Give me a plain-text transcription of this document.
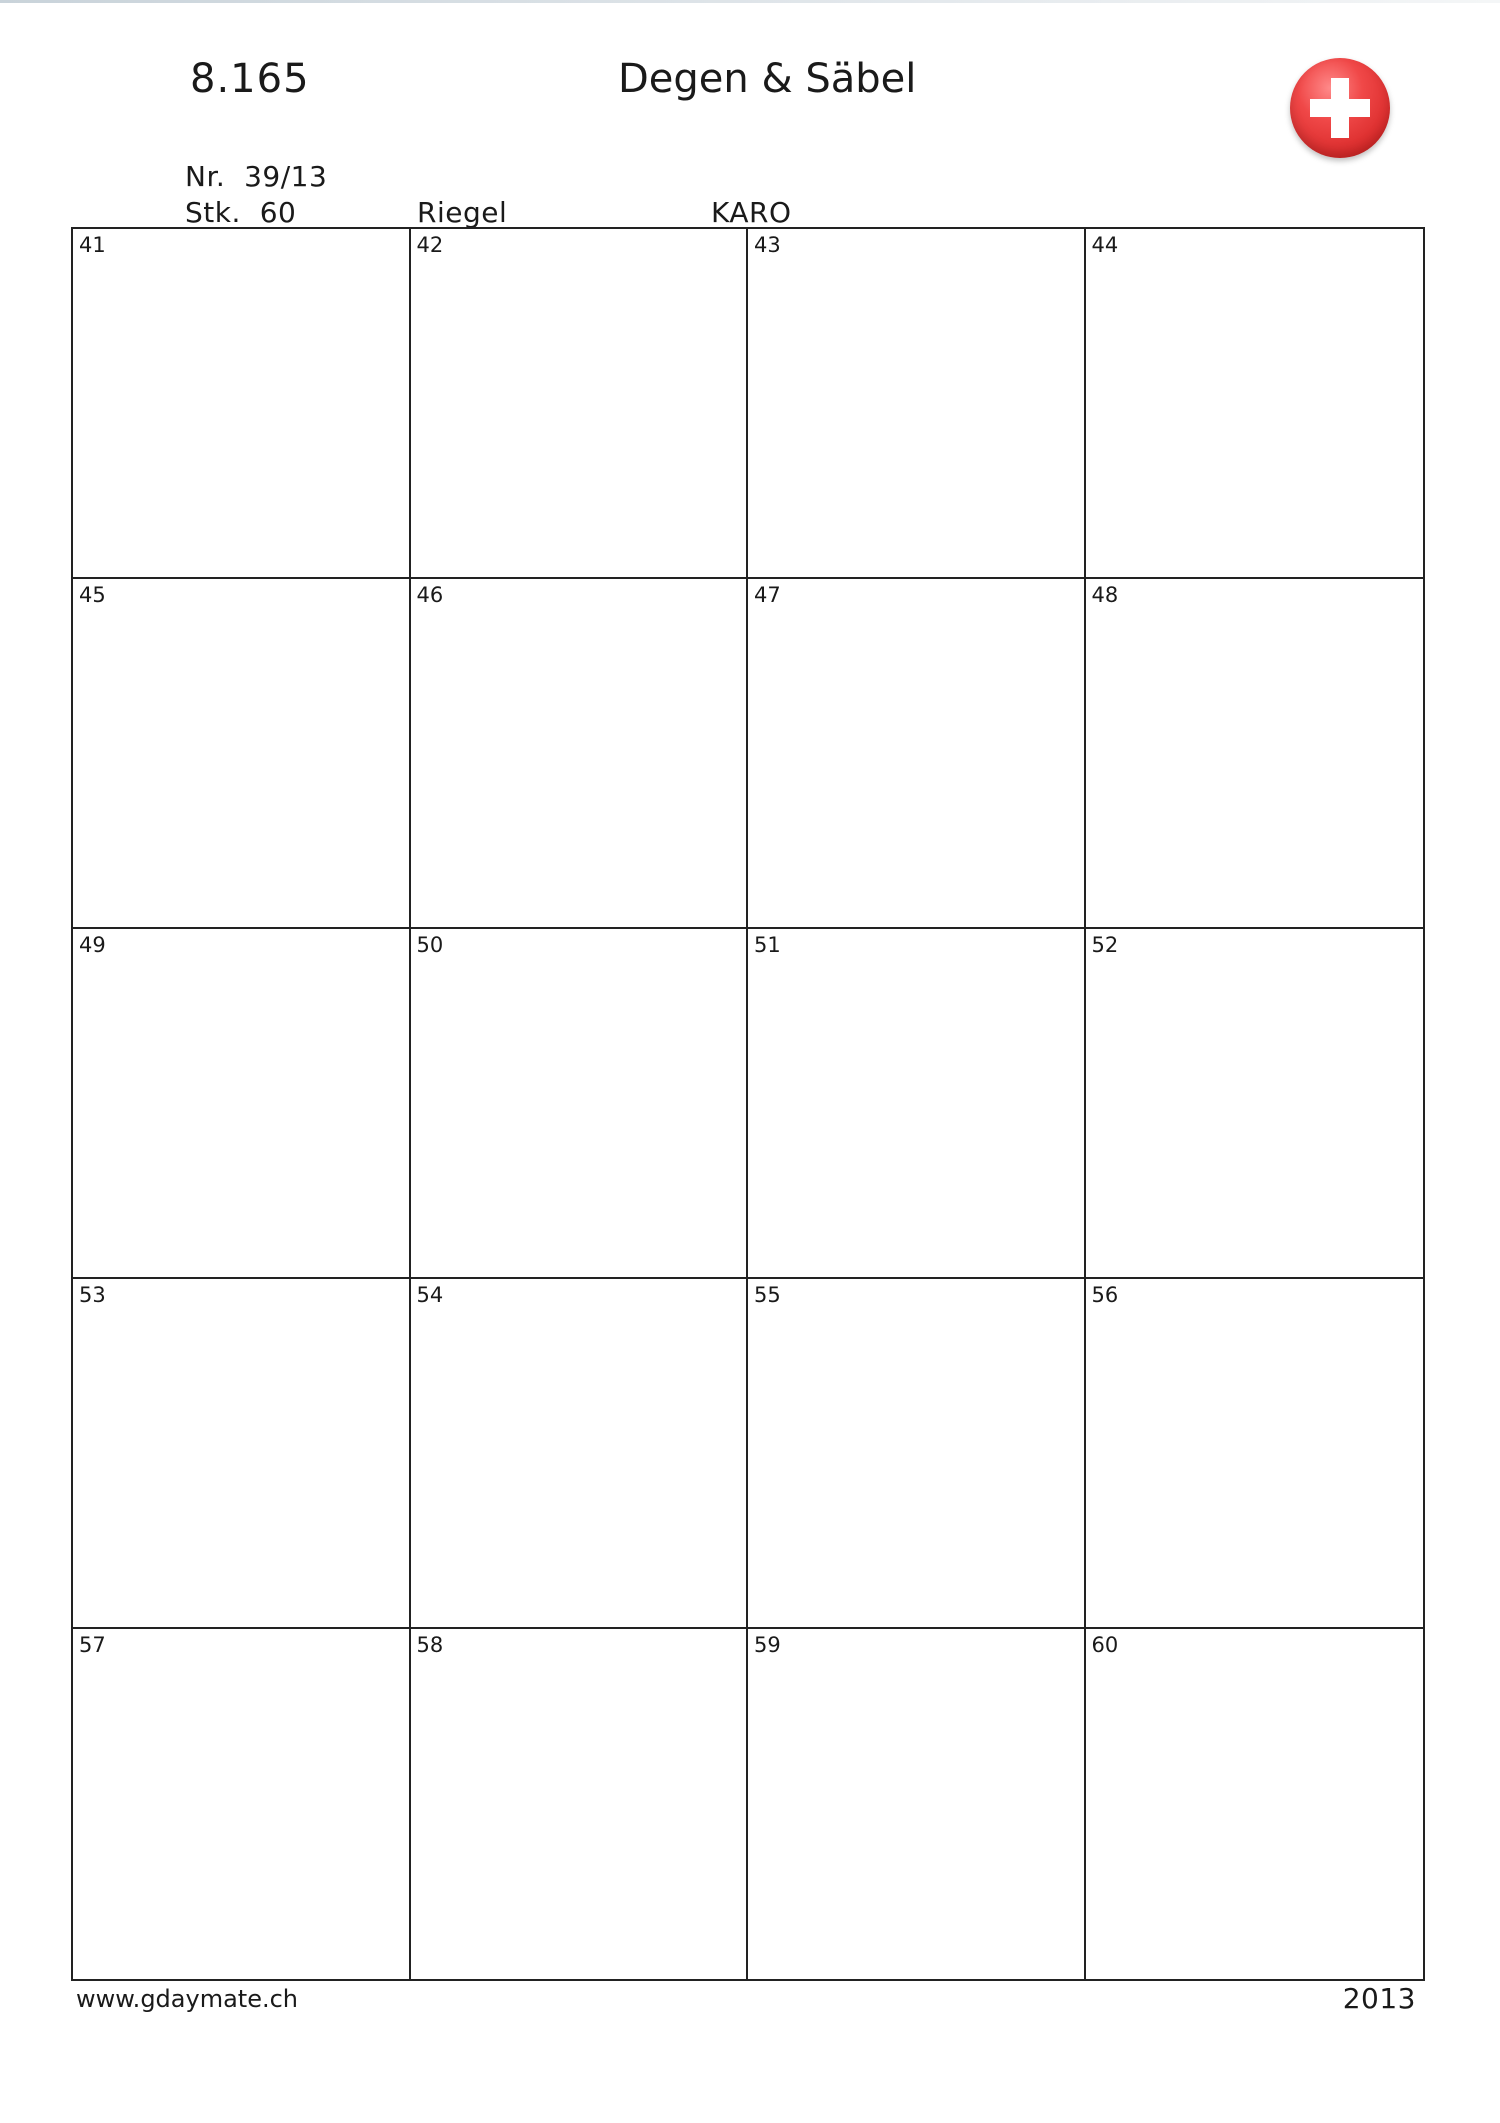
8.165	Degen & Säbel
Nr. 39/13
Stk. 60	Riegel	KARO
41	42	43	44
45	46	47	48
49	50	51	52
53	54	55	56
57	58	59	60
www.gdaymate.ch	2013
